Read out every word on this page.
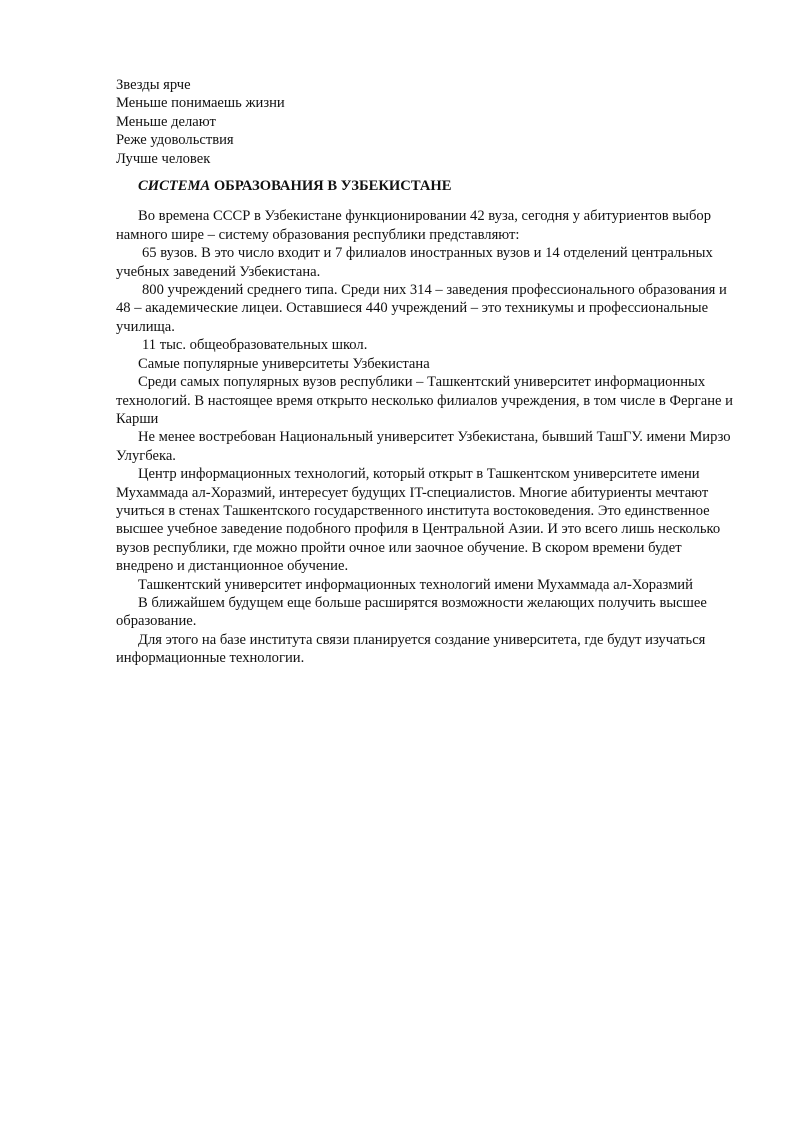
Звезды ярче

Меньше понимаешь жизни

Меньше делают

Реже удовольствия

Лучше человек

СИСТЕМА ОБРАЗОВАНИЯ В УЗБЕКИСТАНЕ

Во времена СССР в Узбекистане функционировании 42 вуза, сегодня у абитуриентов выбор намного шире – систему образования республики представляют:

65 вузов. В это число входит и 7 филиалов иностранных вузов и 14 отделений центральных учебных заведений Узбекистана.

800 учреждений среднего типа. Среди них 314 – заведения профессионального образования и 48 – академические лицеи. Оставшиеся 440 учреждений – это техникумы и профессиональные училища.

11 тыс. общеобразовательных школ.

Самые популярные университеты Узбекистана

Среди самых популярных вузов республики – Ташкентский университет информационных технологий. В настоящее время открыто несколько филиалов учреждения, в том числе в Фергане и Карши

Не менее востребован Национальный университет Узбекистана, бывший ТашГУ. имени Мирзо Улугбека.

Центр информационных технологий, который открыт в Ташкентском университете имени Мухаммада ал-Хоразмий, интересует будущих IT-специалистов. Многие абитуриенты мечтают учиться в стенах Ташкентского государственного института востоковедения. Это единственное высшее учебное заведение подобного профиля в Центральной Азии. И это всего лишь несколько вузов республики, где можно пройти очное или заочное обучение. В скором времени будет внедрено и дистанционное обучение.

Ташкентский университет информационных технологий имени Мухаммада ал-Хоразмий

В ближайшем будущем еще больше расширятся возможности желающих получить высшее образование.

Для этого на базе института связи планируется создание университета, где будут изучаться информационные технологии.
